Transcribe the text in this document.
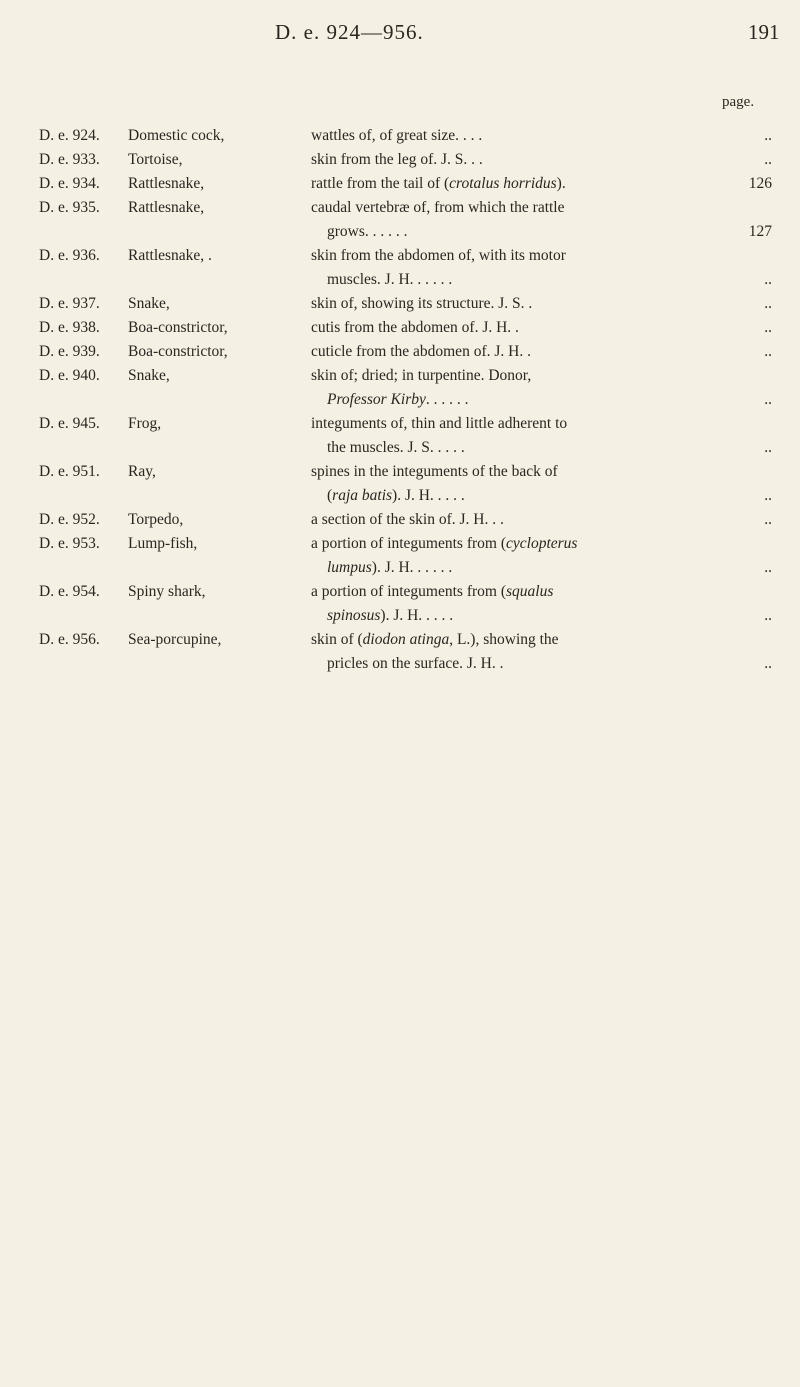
D. e. 924—956.	191
page.
D. e. 924. Domestic cock,	wattles of, of great size. . . .	..
D. e. 933. Tortoise,	skin from the leg of. J. S. . .	..
D. e. 934. Rattlesnake,	rattle from the tail of (crotalus horridus).	126
D. e. 935. Rattlesnake,	caudal vertebræ of, from which the rattle
grows. . . . . .	127
D. e. 936. Rattlesnake, .	skin from the abdomen of, with its motor
muscles. J. H. . . . . .	..
D. e. 937. Snake,	skin of, showing its structure. J. S. .	..
D. e. 938. Boa-constrictor,	cutis from the abdomen of. J. H. .	..
D. e. 939. Boa-constrictor,	cuticle from the abdomen of. J. H. .	..
D. e. 940. Snake,	skin of; dried; in turpentine. Donor,
Professor Kirby. . . . . .	..
D. e. 945. Frog,	integuments of, thin and little adherent to
the muscles. J. S. . . . .	..
D. e. 951. Ray,	spines in the integuments of the back of
(raja batis). J. H. . . . .	..
D. e. 952. Torpedo,	a section of the skin of. J. H. . .	..
D. e. 953. Lump-fish,	a portion of integuments from (cyclopterus
lumpus). J. H. . . . . .	..
D. e. 954. Spiny shark,	a portion of integuments from (squalus
spinosus). J. H. . . . .	..
D. e. 956. Sea-porcupine,	skin of (diodon atinga, L.), showing the
pricles on the surface. J. H. .	..
